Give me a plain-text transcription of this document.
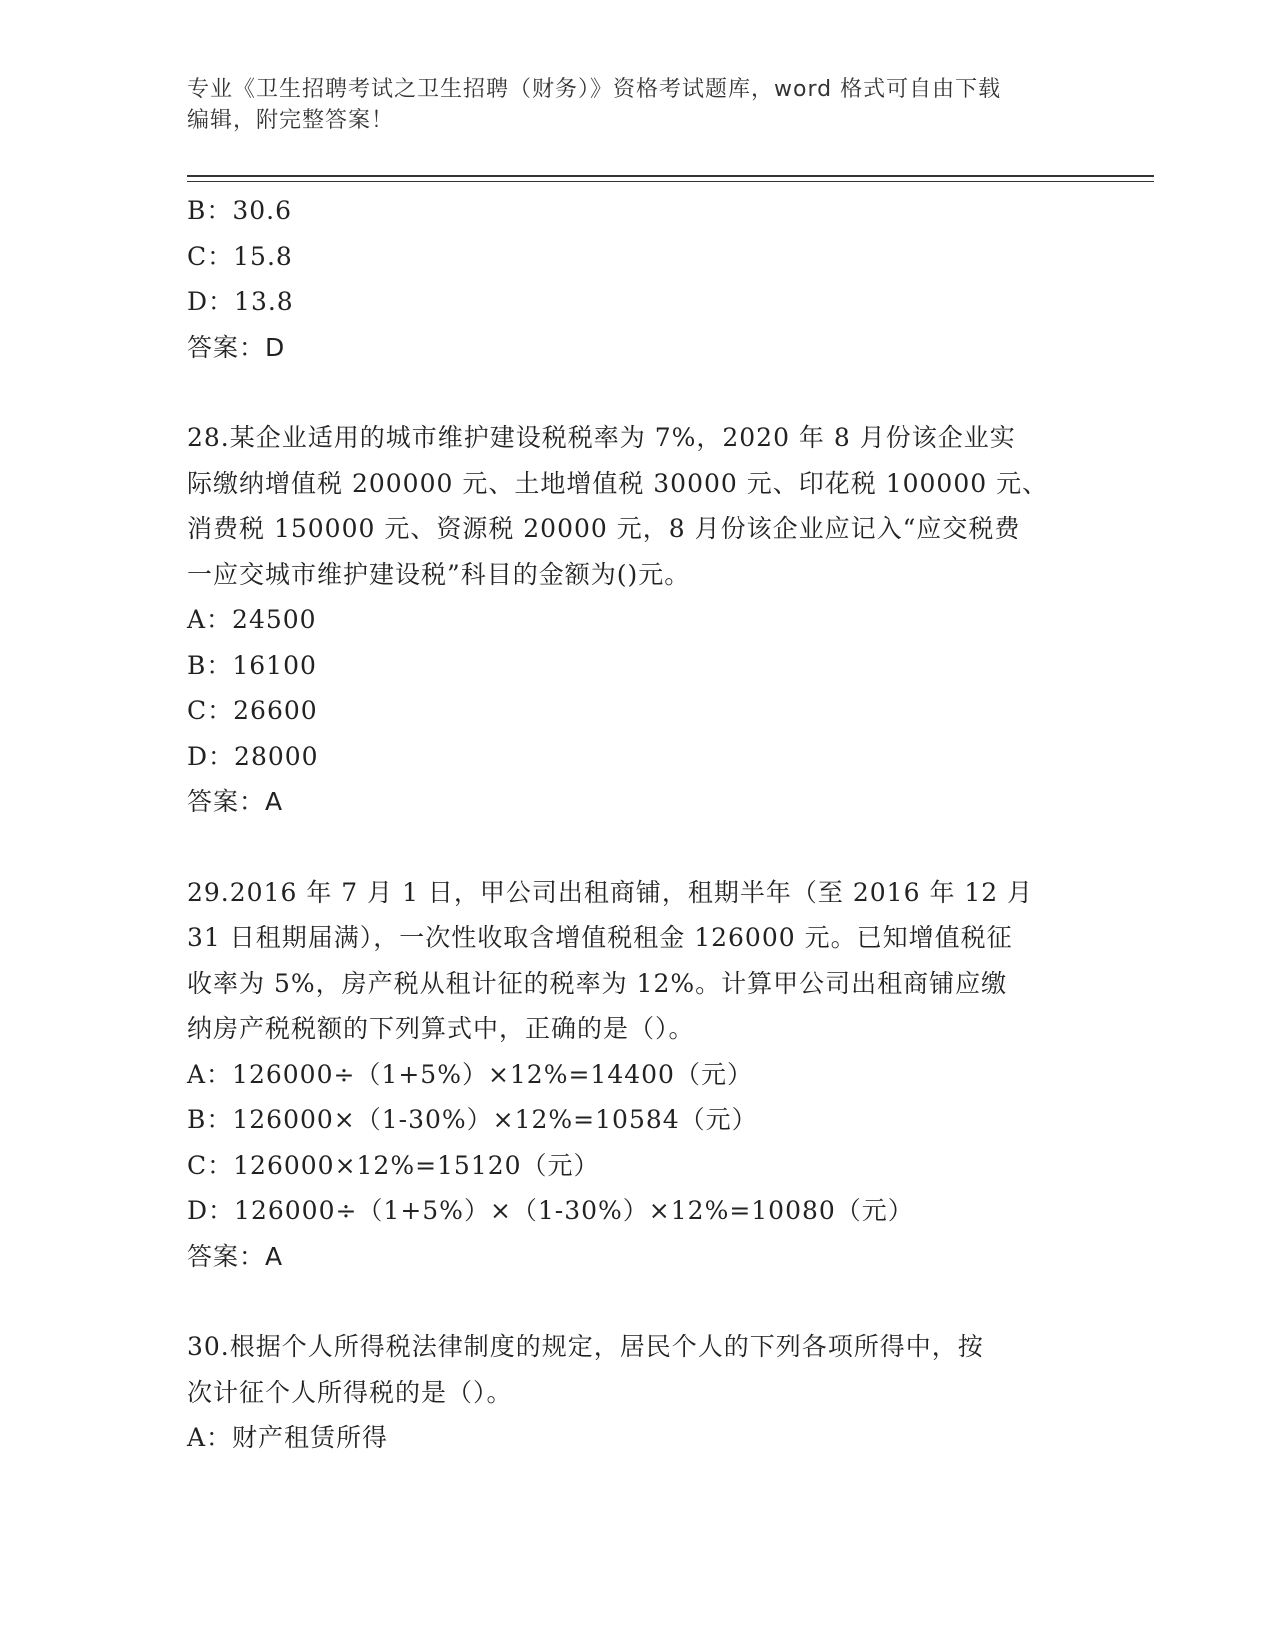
专业《卫生招聘考试之卫生招聘（财务）》资格考试题库，word 格式可自由下载
编辑，附完整答案！
B：30.6
C：15.8
D：13.8
答案：D
28.某企业适用的城市维护建设税税率为 7%，2020 年 8 月份该企业实
际缴纳增值税 200000 元、土地增值税 30000 元、印花税 100000 元、
消费税 150000 元、资源税 20000 元，8 月份该企业应记入“应交税费
一应交城市维护建设税”科目的金额为()元。
A：24500
B：16100
C：26600
D：28000
答案：A
29.2016 年 7 月 1 日，甲公司出租商铺，租期半年（至 2016 年 12 月
31 日租期届满），一次性收取含增值税租金 126000 元。已知增值税征
收率为 5%，房产税从租计征的税率为 12%。计算甲公司出租商铺应缴
纳房产税税额的下列算式中，正确的是（）。
A：126000÷（1+5%）×12%=14400（元）
B：126000×（1-30%）×12%=10584（元）
C：126000×12%=15120（元）
D：126000÷（1+5%）×（1-30%）×12%=10080（元）
答案：A
30.根据个人所得税法律制度的规定，居民个人的下列各项所得中，按
次计征个人所得税的是（）。
A：财产租赁所得
